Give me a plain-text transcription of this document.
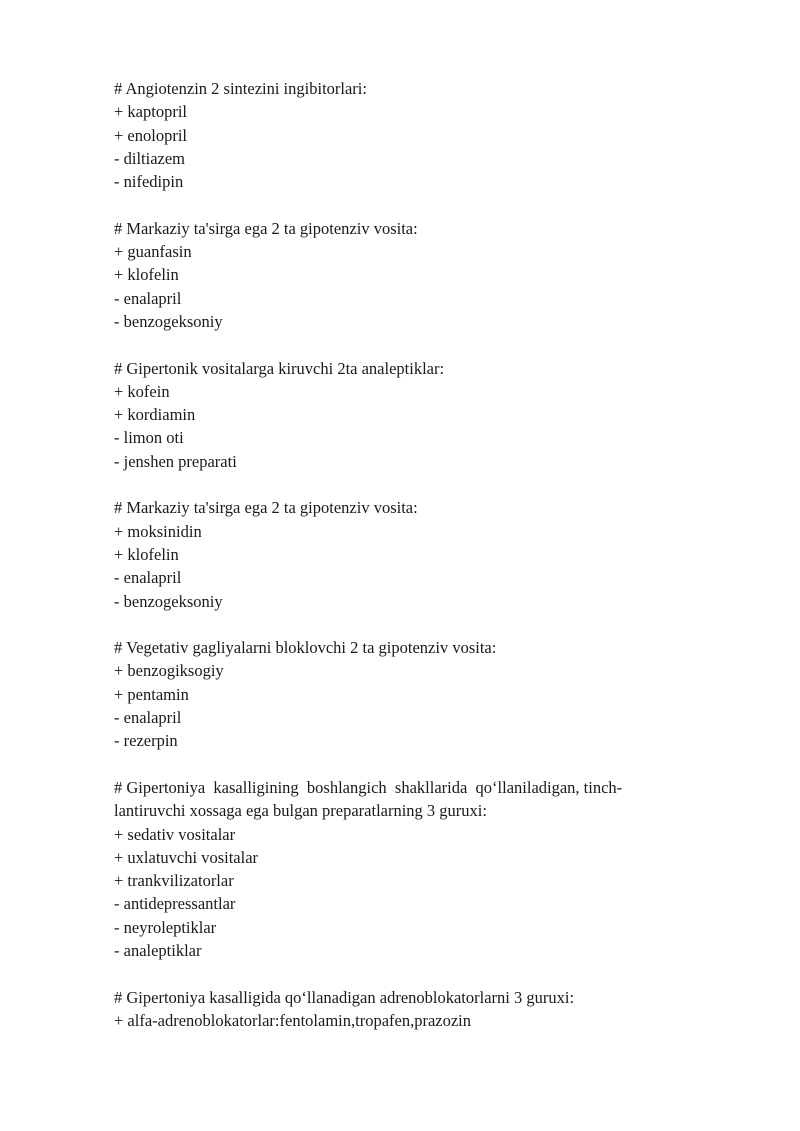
# Angiotenzin 2 sintezini ingibitorlari:
+ kaptopril
+ enolopril
- diltiazem
- nifedipin
# Markaziy ta'sirga ega 2 ta gipotenziv vosita:
+ guanfasin
+ klofelin
- enalapril
- benzogeksoniy
# Gipertonik vositalarga kiruvchi 2ta analeptiklar:
+ kofein
+ kordiamin
- limon oti
- jenshen preparati
# Markaziy ta'sirga ega 2 ta gipotenziv vosita:
+ moksinidin
+ klofelin
- enalapril
- benzogeksoniy
# Vegetativ gagliyalarni bloklovchi 2 ta gipotenziv vosita:
+ benzogiksogiy
+ pentamin
- enalapril
- rezerpin
# Gipertoniya  kasalligining  boshlangich  shakllarida  qo‘llaniladigan, tinch-
lantiruvchi xossaga ega bulgan preparatlarning 3 guruxi:
+ sedativ vositalar
+ uxlatuvchi vositalar
+ trankvilizatorlar
- antidepressantlar
- neyroleptiklar
- analeptiklar
# Gipertoniya kasalligida qo‘llanadigan adrenoblokatorlarni 3 guruxi:
+ alfa-adrenoblokatorlar:fentolamin,tropafen,prazozin
